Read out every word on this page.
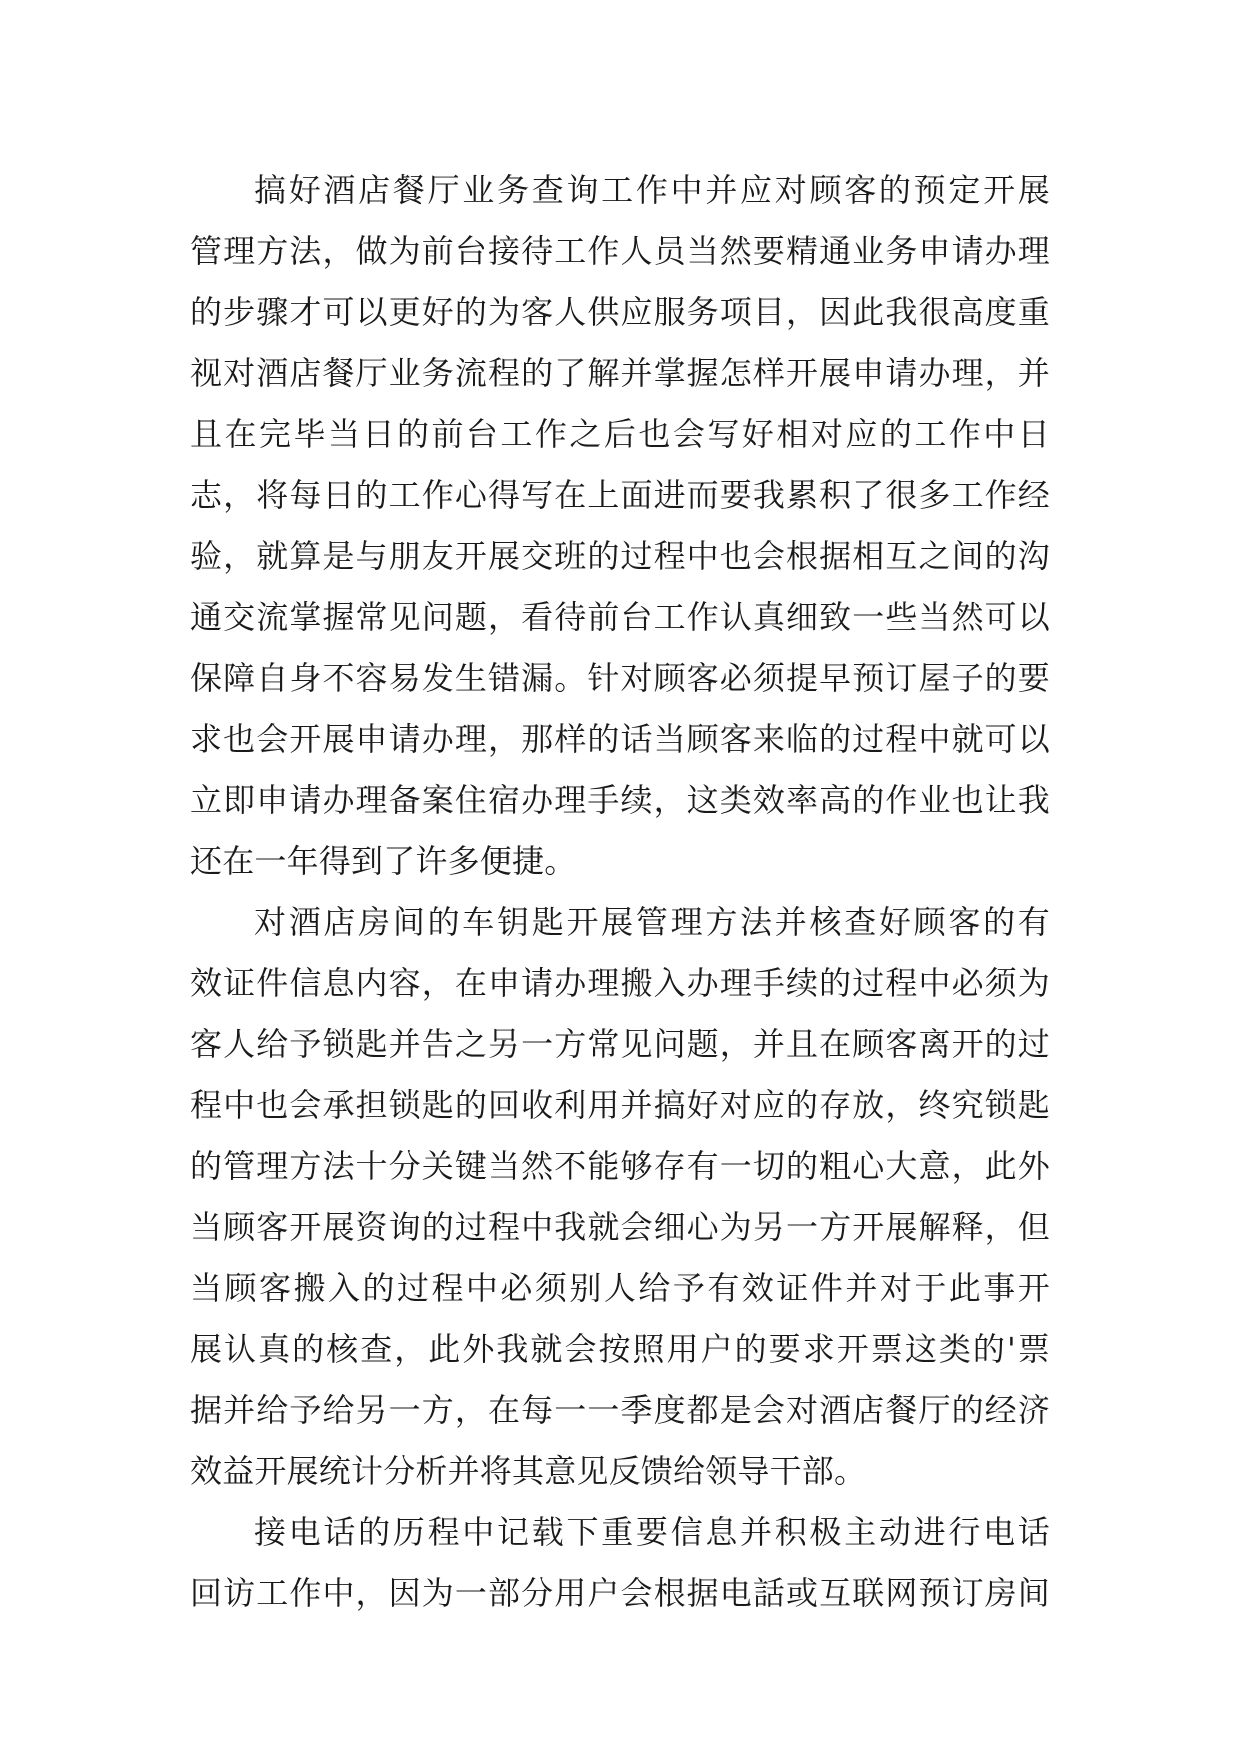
搞好酒店餐厅业务查询工作中并应对顾客的预定开展
管理方法，做为前台接待工作人员当然要精通业务申请办理
的步骤才可以更好的为客人供应服务项目，因此我很高度重
视对酒店餐厅业务流程的了解并掌握怎样开展申请办理，并
且在完毕当日的前台工作之后也会写好相对应的工作中日
志，将每日的工作心得写在上面进而要我累积了很多工作经
验，就算是与朋友开展交班的过程中也会根据相互之间的沟
通交流掌握常见问题，看待前台工作认真细致一些当然可以
保障自身不容易发生错漏。针对顾客必须提早预订屋子的要
求也会开展申请办理，那样的话当顾客来临的过程中就可以
立即申请办理备案住宿办理手续，这类效率高的作业也让我
还在一年得到了许多便捷。
对酒店房间的车钥匙开展管理方法并核查好顾客的有
效证件信息内容，在申请办理搬入办理手续的过程中必须为
客人给予锁匙并告之另一方常见问题，并且在顾客离开的过
程中也会承担锁匙的回收利用并搞好对应的存放，终究锁匙
的管理方法十分关键当然不能够存有一切的粗心大意，此外
当顾客开展资询的过程中我就会细心为另一方开展解释，但
当顾客搬入的过程中必须别人给予有效证件并对于此事开
展认真的核查，此外我就会按照用户的要求开票这类的'票
据并给予给另一方，在每一一季度都是会对酒店餐厅的经济
效益开展统计分析并将其意见反馈给领导干部。
接电话的历程中记载下重要信息并积极主动进行电话
回访工作中，因为一部分用户会根据电話或互联网预订房间
